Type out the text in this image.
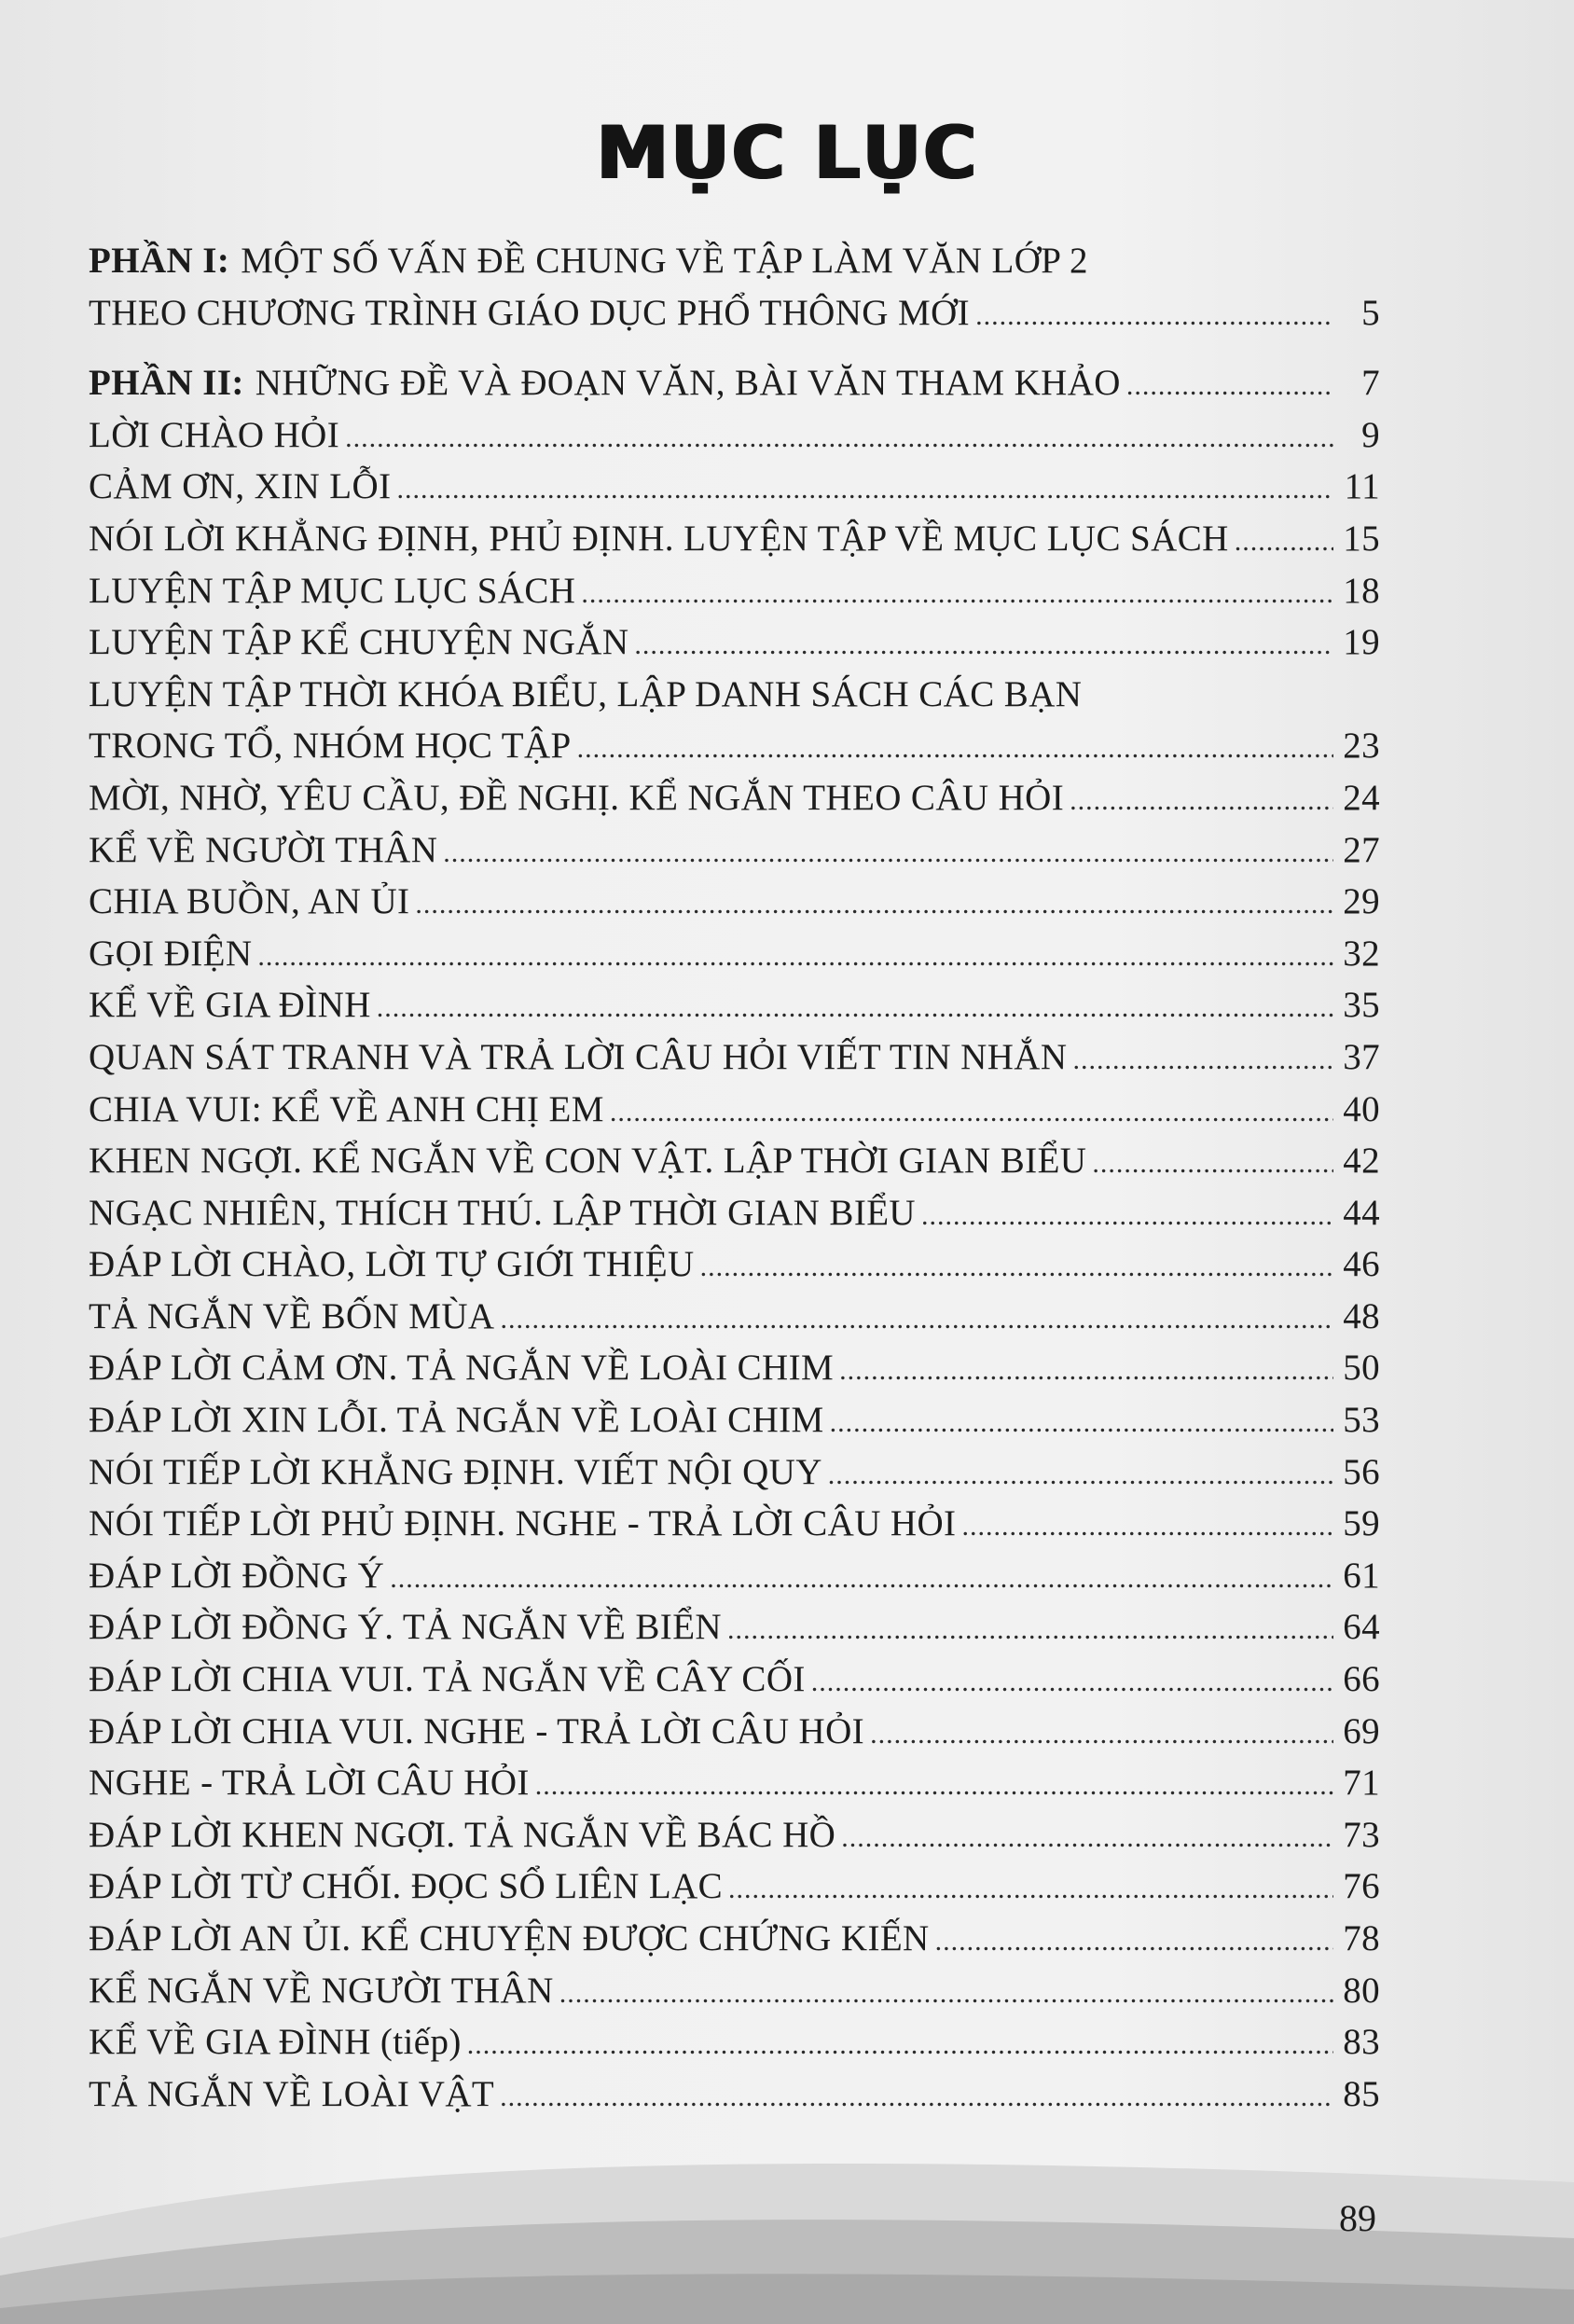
MỤC LỤC
PHẦN I: MỘT SỐ VẤN ĐỀ CHUNG VỀ TẬP LÀM VĂN LỚP 2
THEO CHƯƠNG TRÌNH GIÁO DỤC PHỔ THÔNG MỚI .....	5
PHẦN II: NHỮNG ĐỀ VÀ ĐOẠN VĂN, BÀI VĂN THAM KHẢO .....	7
LỜI CHÀO HỎI .....	9
CẢM ƠN, XIN LỖI .....	11
NÓI LỜI KHẲNG ĐỊNH, PHỦ ĐỊNH. LUYỆN TẬP VỀ MỤC LỤC SÁCH .....	15
LUYỆN TẬP MỤC LỤC SÁCH .....	18
LUYỆN TẬP KỂ CHUYỆN NGẮN .....	19
LUYỆN TẬP THỜI KHÓA BIỂU, LẬP DANH SÁCH CÁC BẠN
TRONG TỔ, NHÓM HỌC TẬP .....	23
MỜI, NHỜ, YÊU CẦU, ĐỀ NGHỊ. KỂ NGẮN THEO CÂU HỎI .....	24
KỂ VỀ NGƯỜI THÂN .....	27
CHIA BUỒN, AN ỦI .....	29
GỌI ĐIỆN .....	32
KỂ VỀ GIA ĐÌNH .....	35
QUAN SÁT TRANH VÀ TRẢ LỜI CÂU HỎI VIẾT TIN NHẮN .....	37
CHIA VUI: KỂ VỀ ANH CHỊ EM .....	40
KHEN NGỢI. KỂ NGẮN VỀ CON VẬT. LẬP THỜI GIAN BIỂU .....	42
NGẠC NHIÊN, THÍCH THÚ. LẬP THỜI GIAN BIỂU .....	44
ĐÁP LỜI CHÀO, LỜI TỰ GIỚI THIỆU .....	46
TẢ NGẮN VỀ BỐN MÙA .....	48
ĐÁP LỜI CẢM ƠN. TẢ NGẮN VỀ LOÀI CHIM .....	50
ĐÁP LỜI XIN LỖI. TẢ NGẮN VỀ LOÀI CHIM .....	53
NÓI TIẾP LỜI KHẲNG ĐỊNH. VIẾT NỘI QUY .....	56
NÓI TIẾP LỜI PHỦ ĐỊNH. NGHE - TRẢ LỜI CÂU HỎI .....	59
ĐÁP LỜI ĐỒNG Ý .....	61
ĐÁP LỜI ĐỒNG Ý. TẢ NGẮN VỀ BIỂN .....	64
ĐÁP LỜI CHIA VUI. TẢ NGẮN VỀ CÂY CỐI .....	66
ĐÁP LỜI CHIA VUI. NGHE - TRẢ LỜI CÂU HỎI .....	69
NGHE - TRẢ LỜI CÂU HỎI .....	71
ĐÁP LỜI KHEN NGỢI. TẢ NGẮN VỀ BÁC HỒ .....	73
ĐÁP LỜI TỪ CHỐI. ĐỌC SỔ LIÊN LẠC .....	76
ĐÁP LỜI AN ỦI. KỂ CHUYỆN ĐƯỢC CHỨNG KIẾN .....	78
KỂ NGẮN VỀ NGƯỜI THÂN .....	80
KỂ VỀ GIA ĐÌNH (tiếp) .....	83
TẢ NGẮN VỀ LOÀI VẬT .....	85
89
